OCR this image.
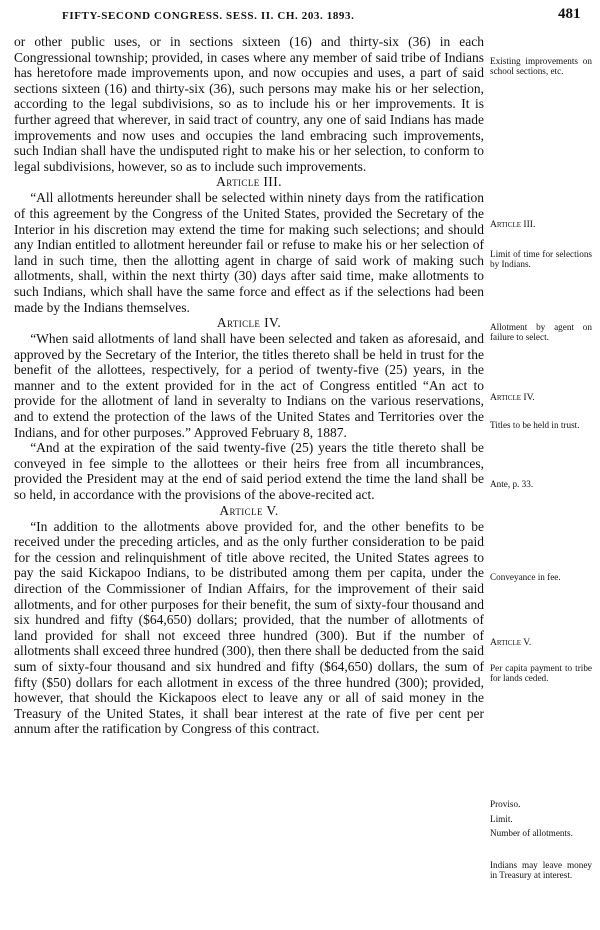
FIFTY-SECOND CONGRESS. SESS. II. CH. 203. 1893.	481

or other public uses, or in sections sixteen (16) and thirty-six (36) in each Congressional township; provided, in cases where any member of said tribe of Indians has heretofore made improvements upon, and now occupies and uses, a part of said sections sixteen (16) and thirty-six (36), such persons may make his or her selection, according to the legal subdivisions, so as to include his or her improvements. It is further agreed that wherever, in said tract of country, any one of said Indians has made improvements and now uses and occupies the land embracing such improvements, such Indian shall have the undisputed right to make his or her selection, to conform to legal subdivisions, however, so as to include such improvements.

Article III.

“All allotments hereunder shall be selected within ninety days from the ratification of this agreement by the Congress of the United States, provided the Secretary of the Interior in his discretion may extend the time for making such selections; and should any Indian entitled to allotment hereunder fail or refuse to make his or her selection of land in such time, then the allotting agent in charge of said work of making such allotments, shall, within the next thirty (30) days after said time, make allotments to such Indians, which shall have the same force and effect as if the selections had been made by the Indians themselves.

Article IV.

“When said allotments of land shall have been selected and taken as aforesaid, and approved by the Secretary of the Interior, the titles thereto shall be held in trust for the benefit of the allottees, respectively, for a period of twenty-five (25) years, in the manner and to the extent provided for in the act of Congress entitled “An act to provide for the allotment of land in severalty to Indians on the various reservations, and to extend the protection of the laws of the United States and Territories over the Indians, and for other purposes.” Approved February 8, 1887.

“And at the expiration of the said twenty-five (25) years the title thereto shall be conveyed in fee simple to the allottees or their heirs free from all incumbrances, provided the President may at the end of said period extend the time the land shall be so held, in accordance with the provisions of the above-recited act.

Article V.

“In addition to the allotments above provided for, and the other benefits to be received under the preceding articles, and as the only further consideration to be paid for the cession and relinquishment of title above recited, the United States agrees to pay the said Kickapoo Indians, to be distributed among them per capita, under the direction of the Commissioner of Indian Affairs, for the improvement of their said allotments, and for other purposes for their benefit, the sum of sixty-four thousand and six hundred and fifty ($64,650) dollars; provided, that the number of allotments of land provided for shall not exceed three hundred (300). But if the number of allotments shall exceed three hundred (300), then there shall be deducted from the said sum of sixty-four thousand and six hundred and fifty ($64,650) dollars, the sum of fifty ($50) dollars for each allotment in excess of the three hundred (300); provided, however, that should the Kickapoos elect to leave any or all of said money in the Treasury of the United States, it shall bear interest at the rate of five per cent per annum after the ratification by Congress of this contract.

Existing improvements on school sections, etc.
Article III.
Limit of time for selections by Indians.
Allotment by agent on failure to select.
Article IV.
Titles to be held in trust.
Ante, p. 33.
Conveyance in fee.
Article V.
Per capita payment to tribe for lands ceded.
Proviso.
Limit.
Number of allotments.
Indians may leave money in Treasury at interest.
